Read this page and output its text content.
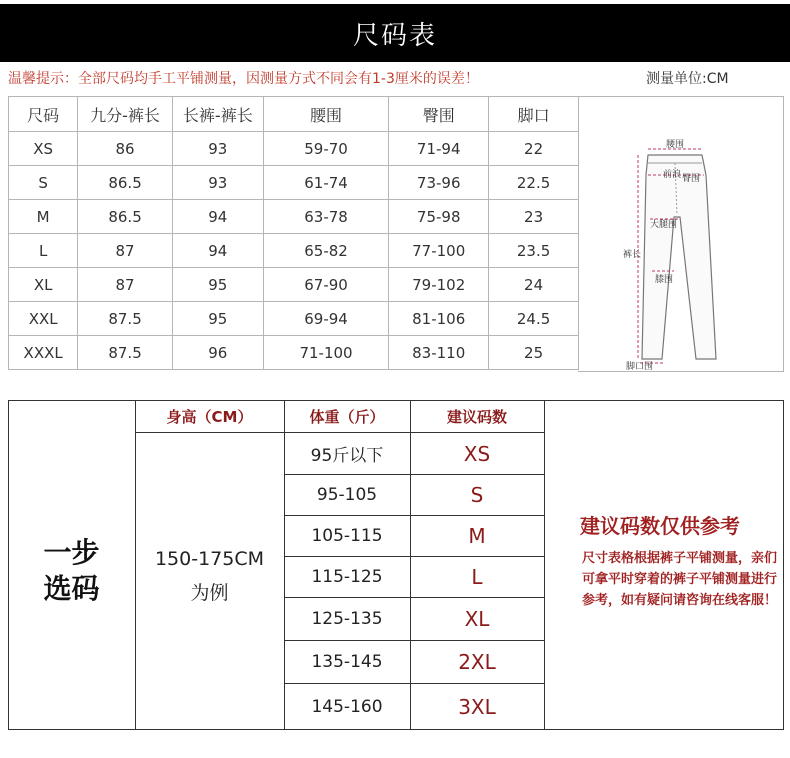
尺码表
温馨提示：全部尺码均手工平铺测量，因测量方式不同会有1-3厘米的误差！	测量单位:CM
尺码	九分-裤长	长裤-裤长	腰围	臀围	脚口
XS	86	93	59-70	71-94	22
S	86.5	93	61-74	73-96	22.5
M	86.5	94	63-78	75-98	23
L	87	94	65-82	77-100	23.5
XL	87	95	67-90	79-102	24
XXL	87.5	95	69-94	81-106	24.5
XXXL	87.5	96	71-100	83-110	25
腰围
前浪 臀围
大腿围
裤长
膝围
脚口围
一步
选码
身高（CM）	体重（斤）	建议码数
150-175CM
为例
95斤以下	XS
95-105	S
105-115	M
115-125	L
125-135	XL
135-145	2XL
145-160	3XL
建议码数仅供参考
尺寸表格根据裤子平铺测量，亲们可拿平时穿着的裤子平铺测量进行参考，如有疑问请咨询在线客服！
